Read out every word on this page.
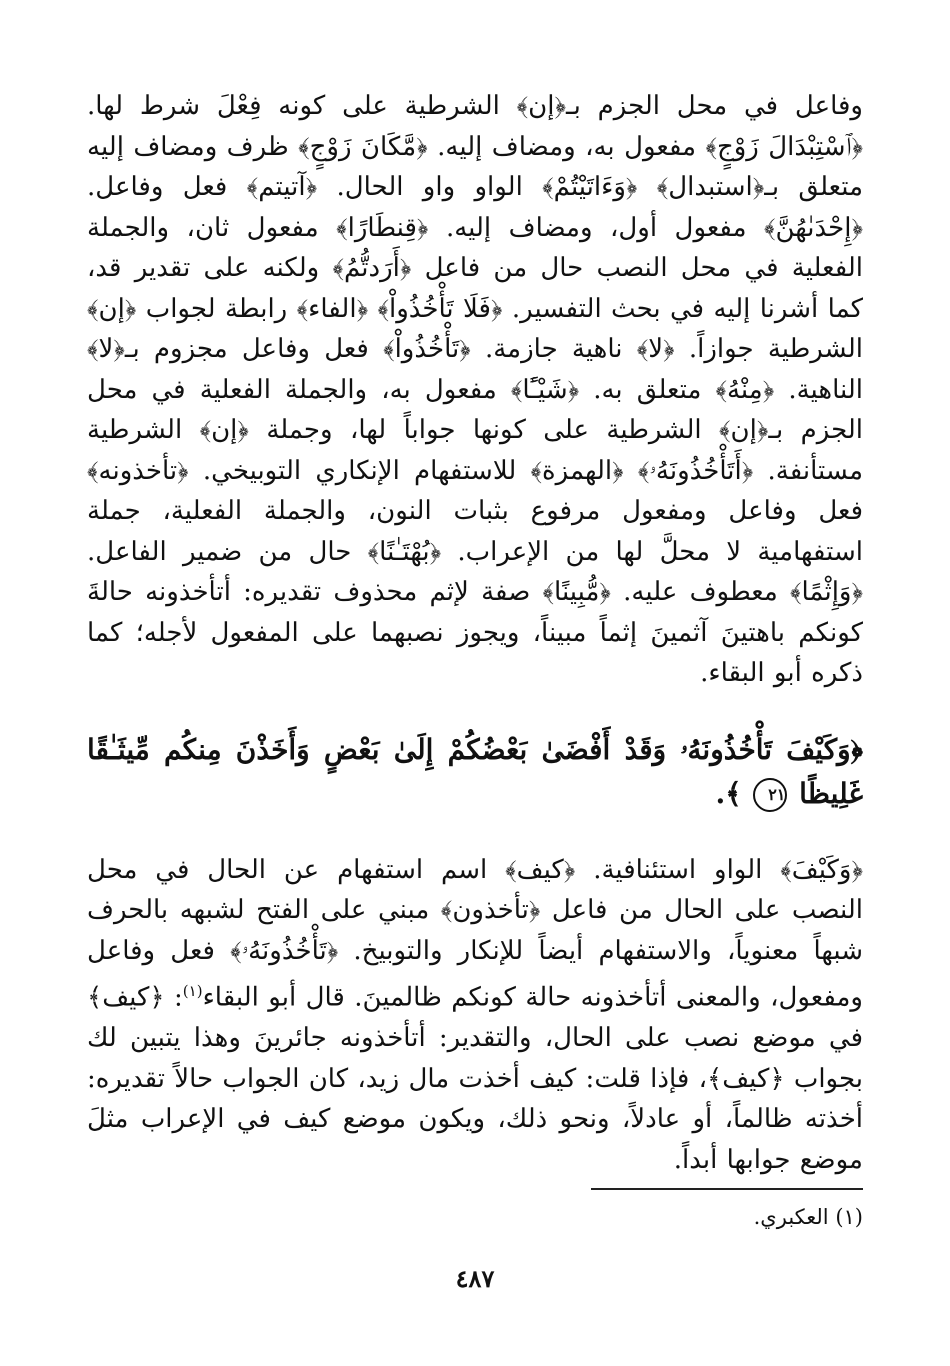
وفاعل في محل الجزم بـ﴿إن﴾ الشرطية على كونه فِعْلَ شرط لها. ﴿ٱسْتِبْدَالَ زَوْجٍ﴾ مفعول به، ومضاف إليه. ﴿مَّكَانَ زَوْجٍ﴾ ظرف ومضاف إليه متعلق بـ﴿استبدال﴾ ﴿وَءَاتَيْتُمْ﴾ الواو واو الحال. ﴿آتيتم﴾ فعل وفاعل. ﴿إِحْدَىٰهُنَّ﴾ مفعول أول، ومضاف إليه. ﴿قِنطَارًا﴾ مفعول ثان، والجملة الفعلية في محل النصب حال من فاعل ﴿أَرَدتُّمُ﴾ ولكنه على تقدير قد، كما أشرنا إليه في بحث التفسير. ﴿فَلَا تَأْخُذُواْ﴾ ﴿الفاء﴾ رابطة لجواب ﴿إن﴾ الشرطية جوازاً. ﴿لا﴾ ناهية جازمة. ﴿تَأْخُذُواْ﴾ فعل وفاعل مجزوم بـ﴿لا﴾ الناهية. ﴿مِنْهُ﴾ متعلق به. ﴿شَيْـًٔا﴾ مفعول به، والجملة الفعلية في محل الجزم بـ﴿إن﴾ الشرطية على كونها جواباً لها، وجملة ﴿إن﴾ الشرطية مستأنفة. ﴿أَتَأْخُذُونَهُۥ﴾ ﴿الهمزة﴾ للاستفهام الإنكاري التوبيخي. ﴿تأخذونه﴾ فعل وفاعل ومفعول مرفوع بثبات النون، والجملة الفعلية، جملة استفهامية لا محلَّ لها من الإعراب. ﴿بُهْتَـٰنًا﴾ حال من ضمير الفاعل. ﴿وَإِثْمًا﴾ معطوف عليه. ﴿مُّبِينًا﴾ صفة لإثم محذوف تقديره: أتأخذونه حالةَ كونكم باهتينَ آثمينَ إثماً مبيناً، ويجوز نصبهما على المفعول لأجله؛ كما ذكره أبو البقاء.

﴿وَكَيْفَ تَأْخُذُونَهُۥ وَقَدْ أَفْضَىٰ بَعْضُكُمْ إِلَىٰ بَعْضٍ وَأَخَذْنَ مِنكُم مِّيثَـٰقًا غَلِيظًا ٢١ ﴾.

﴿وَكَيْفَ﴾ الواو استئنافية. ﴿كيف﴾ اسم استفهام عن الحال في محل النصب على الحال من فاعل ﴿تأخذون﴾ مبني على الفتح لشبهه بالحرف شبهاً معنوياً، والاستفهام أيضاً للإنكار والتوبيخ. ﴿تَأْخُذُونَهُۥ﴾ فعل وفاعل ومفعول، والمعنى أتأخذونه حالة كونكم ظالمينَ. قال أبو البقاء$^{(١)}$: ﴿كيف﴾ في موضع نصب على الحال، والتقدير: أتأخذونه جائرينَ وهذا يتبين لك بجواب ﴿كيف﴾، فإذا قلت: كيف أخذت مال زيد، كان الجواب حالاً تقديره: أخذته ظالماً، أو عادلاً، ونحو ذلك، ويكون موضع كيف في الإعراب مثلَ موضع جوابها أبداً.

(١) العكبري.

٤٨٧
